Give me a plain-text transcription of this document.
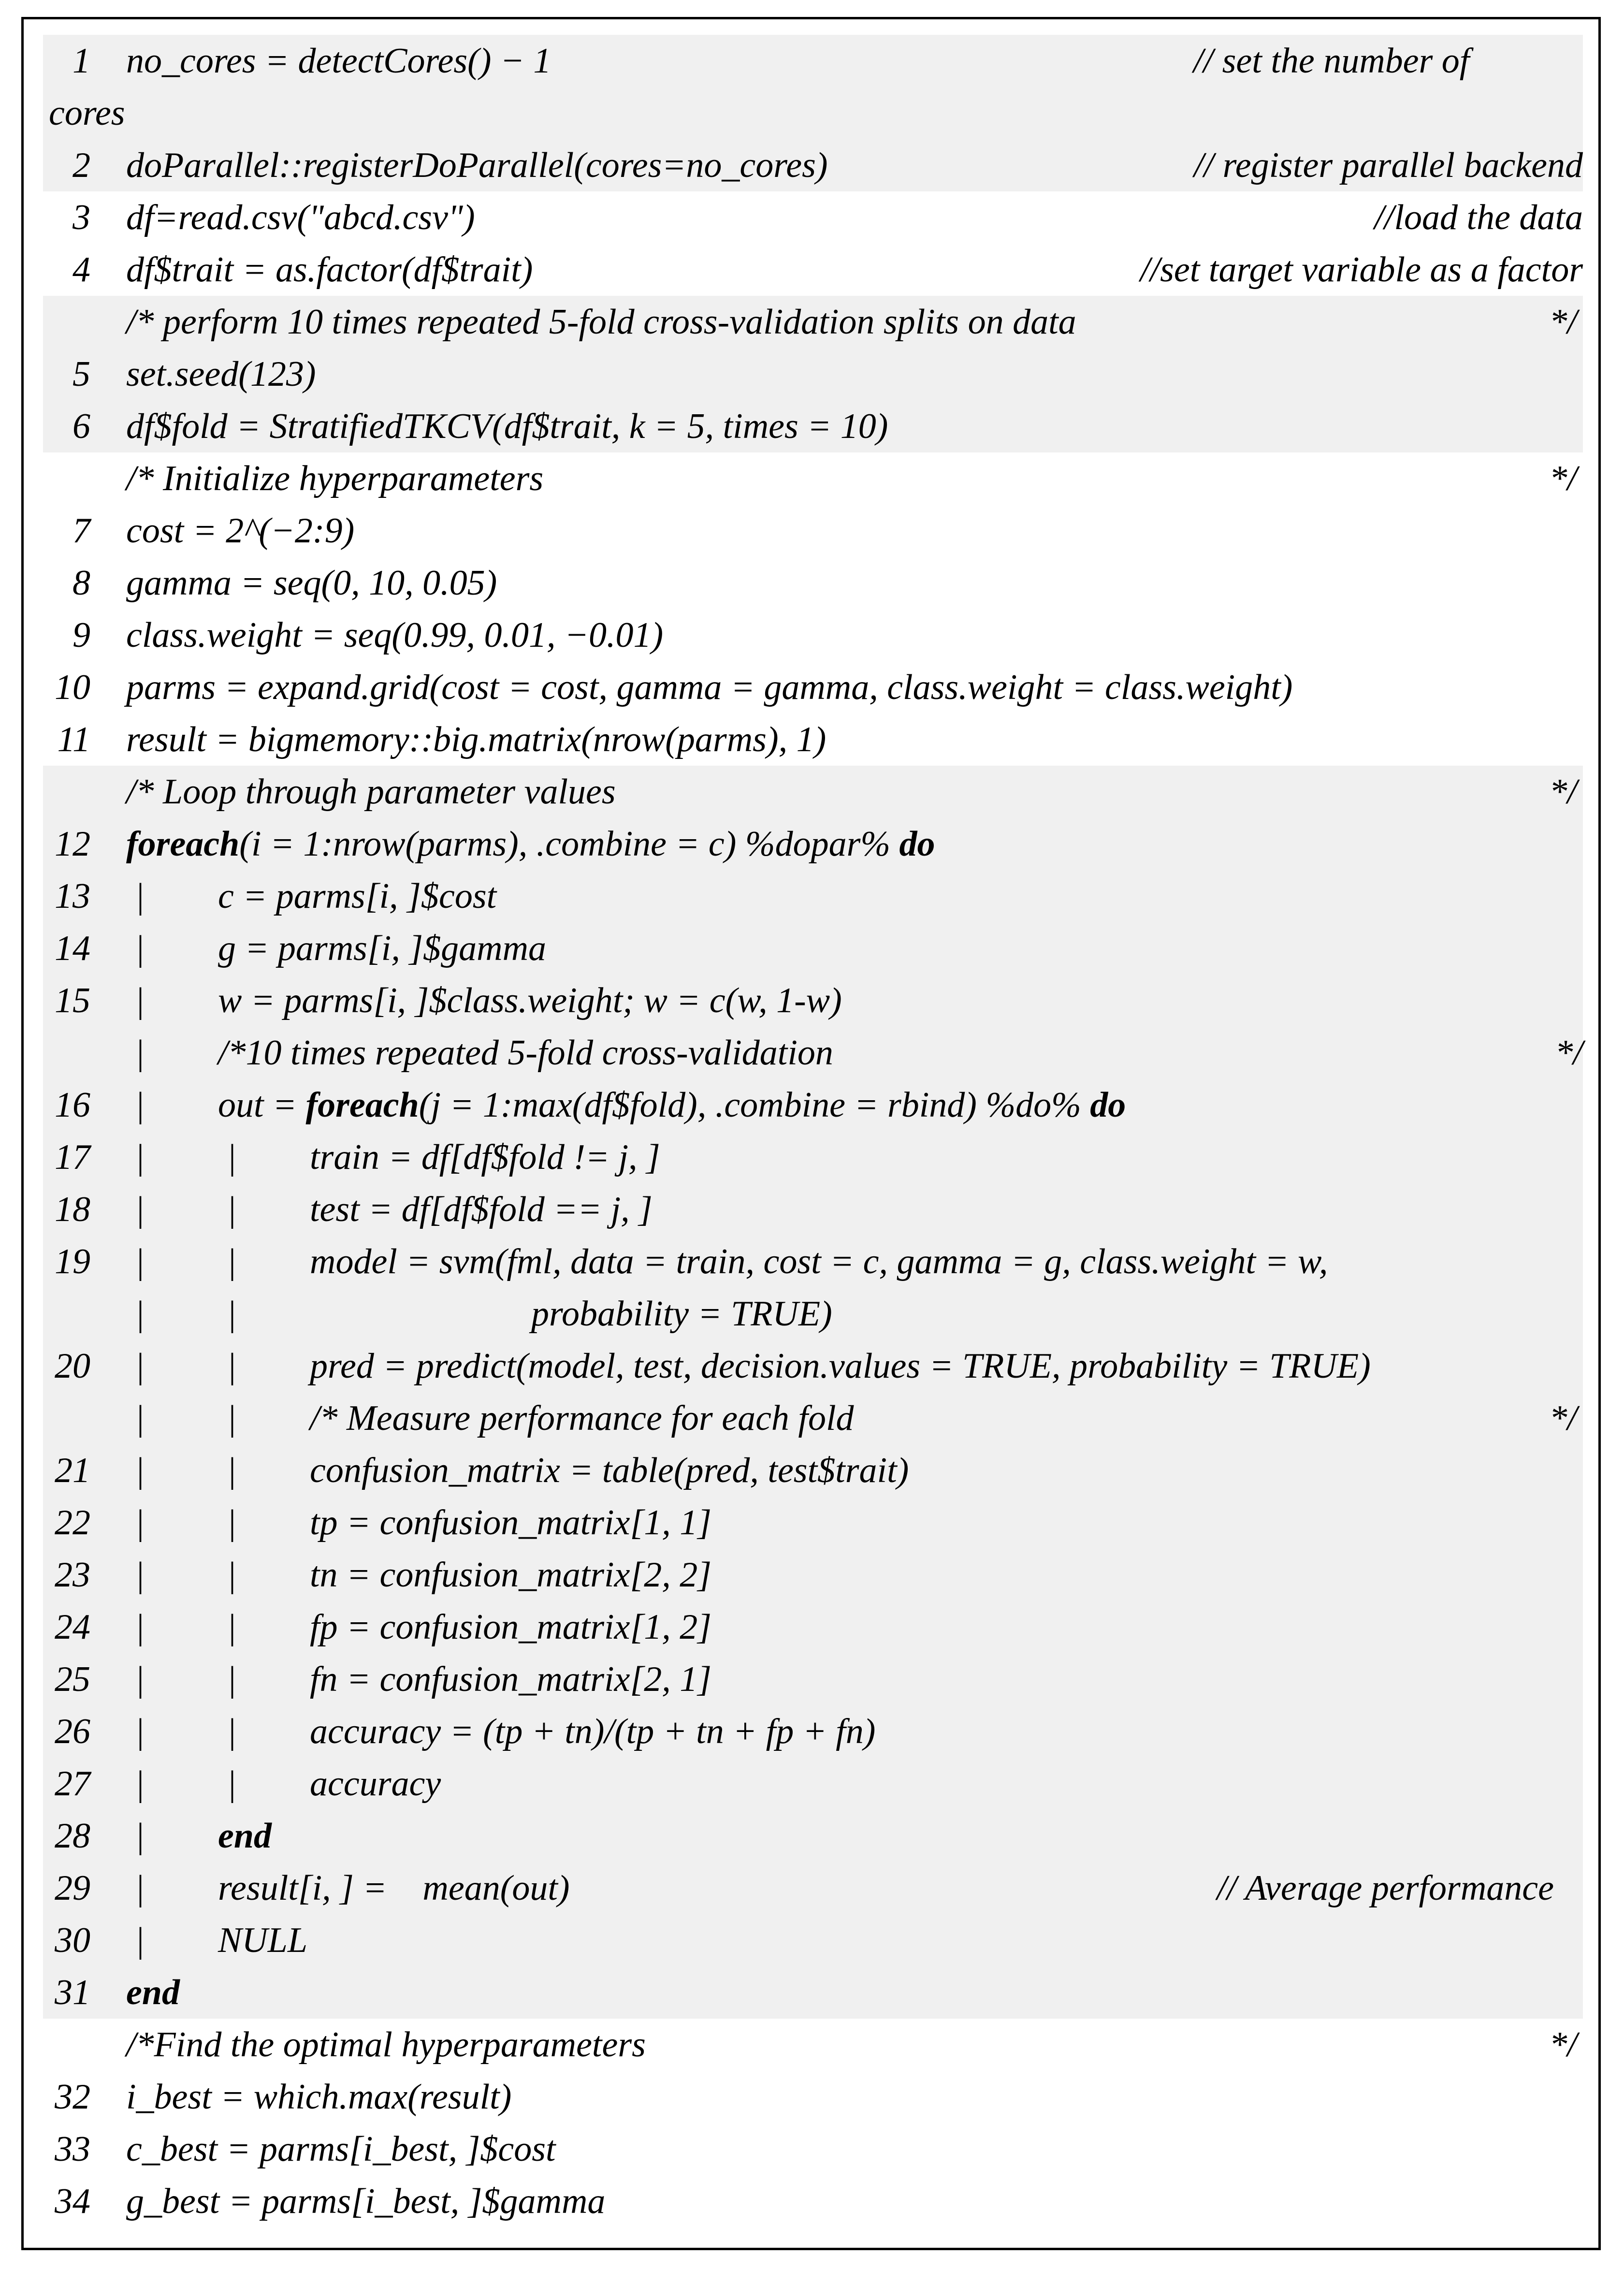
1 no_cores = detectCores() − 1	// set the number of
cores
2 doParallel::registerDoParallel(cores=no_cores)	// register parallel backend
3 df=read.csv("abcd.csv")	//load the data
4 df$trait = as.factor(df$trait)	//set target variable as a factor
/* perform 10 times repeated 5-fold cross-validation splits on data	*/
5 set.seed(123)
6 df$fold = StratifiedTKCV(df$trait, k = 5, times = 10)
/* Initialize hyperparameters	*/
7 cost = 2^(−2:9)
8 gamma = seq(0, 10, 0.05)
9 class.weight = seq(0.99, 0.01, −0.01)
10 parms = expand.grid(cost = cost, gamma = gamma, class.weight = class.weight)
11 result = bigmemory::big.matrix(nrow(parms), 1)
/* Loop through parameter values	*/
12 foreach(i = 1:nrow(parms), .combine = c) %dopar% do
13 | c = parms[i, ]$cost
14 | g = parms[i, ]$gamma
15 | w = parms[i, ]$class.weight; w = c(w, 1-w)
| /*10 times repeated 5-fold cross-validation	*/
16 | out = foreach(j = 1:max(df$fold), .combine = rbind) %do% do
17 | | train = df[df$fold != j, ]
18 | | test = df[df$fold == j, ]
19 | | model = svm(fml, data = train, cost = c, gamma = g, class.weight = w,
| |	probability = TRUE)
20 | | pred = predict(model, test, decision.values = TRUE, probability = TRUE)
| | /* Measure performance for each fold	*/
21 | | confusion_matrix = table(pred, test$trait)
22 | | tp = confusion_matrix[1, 1]
23 | | tn = confusion_matrix[2, 2]
24 | | fp = confusion_matrix[1, 2]
25 | | fn = confusion_matrix[2, 1]
26 | | accuracy = (tp + tn)/(tp + tn + fp + fn)
27 | | accuracy
28 | end
29 | result[i, ] =    mean(out)	// Average performance
30 | NULL
31 end
/*Find the optimal hyperparameters	*/
32 i_best = which.max(result)
33 c_best = parms[i_best, ]$cost
34 g_best = parms[i_best, ]$gamma
